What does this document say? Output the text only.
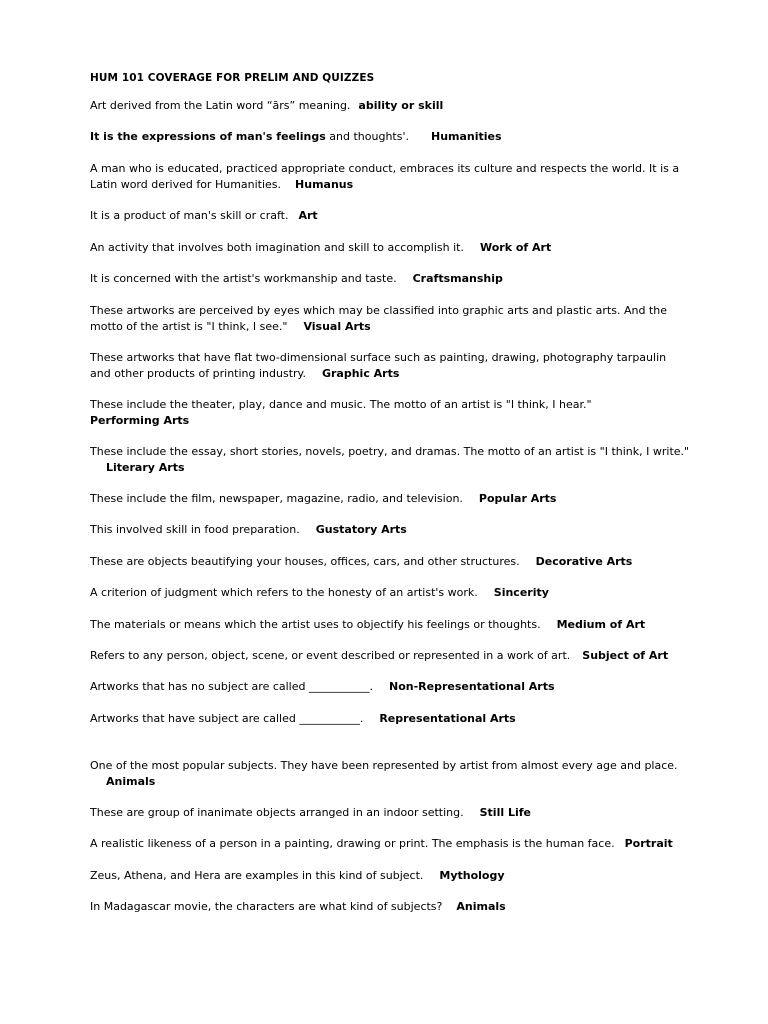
HUM 101 COVERAGE FOR PRELIM AND QUIZZES
Art derived from the Latin word “ārs” meaning. ability or skill
It is the expressions of man's feelings and thoughts'. Humanities
A man who is educated, practiced appropriate conduct, embraces its culture and respects the world. It is a Latin word derived for Humanities. Humanus
It is a product of man's skill or craft. Art
An activity that involves both imagination and skill to accomplish it. Work of Art
It is concerned with the artist's workmanship and taste. Craftsmanship
These artworks are perceived by eyes which may be classified into graphic arts and plastic arts. And the motto of the artist is "I think, I see." Visual Arts
These artworks that have flat two-dimensional surface such as painting, drawing, photography tarpaulin and other products of printing industry. Graphic Arts
These include the theater, play, dance and music. The motto of an artist is "I think, I hear."
Performing Arts
These include the essay, short stories, novels, poetry, and dramas. The motto of an artist is "I think, I write."Literary Arts
These include the film, newspaper, magazine, radio, and television. Popular Arts
This involved skill in food preparation. Gustatory Arts
These are objects beautifying your houses, offices, cars, and other structures. Decorative Arts
A criterion of judgment which refers to the honesty of an artist's work. Sincerity
The materials or means which the artist uses to objectify his feelings or thoughts. Medium of Art
Refers to any person, object, scene, or event described or represented in a work of art. Subject of Art
Artworks that has no subject are called ___________. Non-Representational Arts
Artworks that have subject are called ___________. Representational Arts
One of the most popular subjects. They have been represented by artist from almost every age and place.Animals
These are group of inanimate objects arranged in an indoor setting. Still Life
A realistic likeness of a person in a painting, drawing or print. The emphasis is the human face. Portrait
Zeus, Athena, and Hera are examples in this kind of subject. Mythology
In Madagascar movie, the characters are what kind of subjects? Animals
